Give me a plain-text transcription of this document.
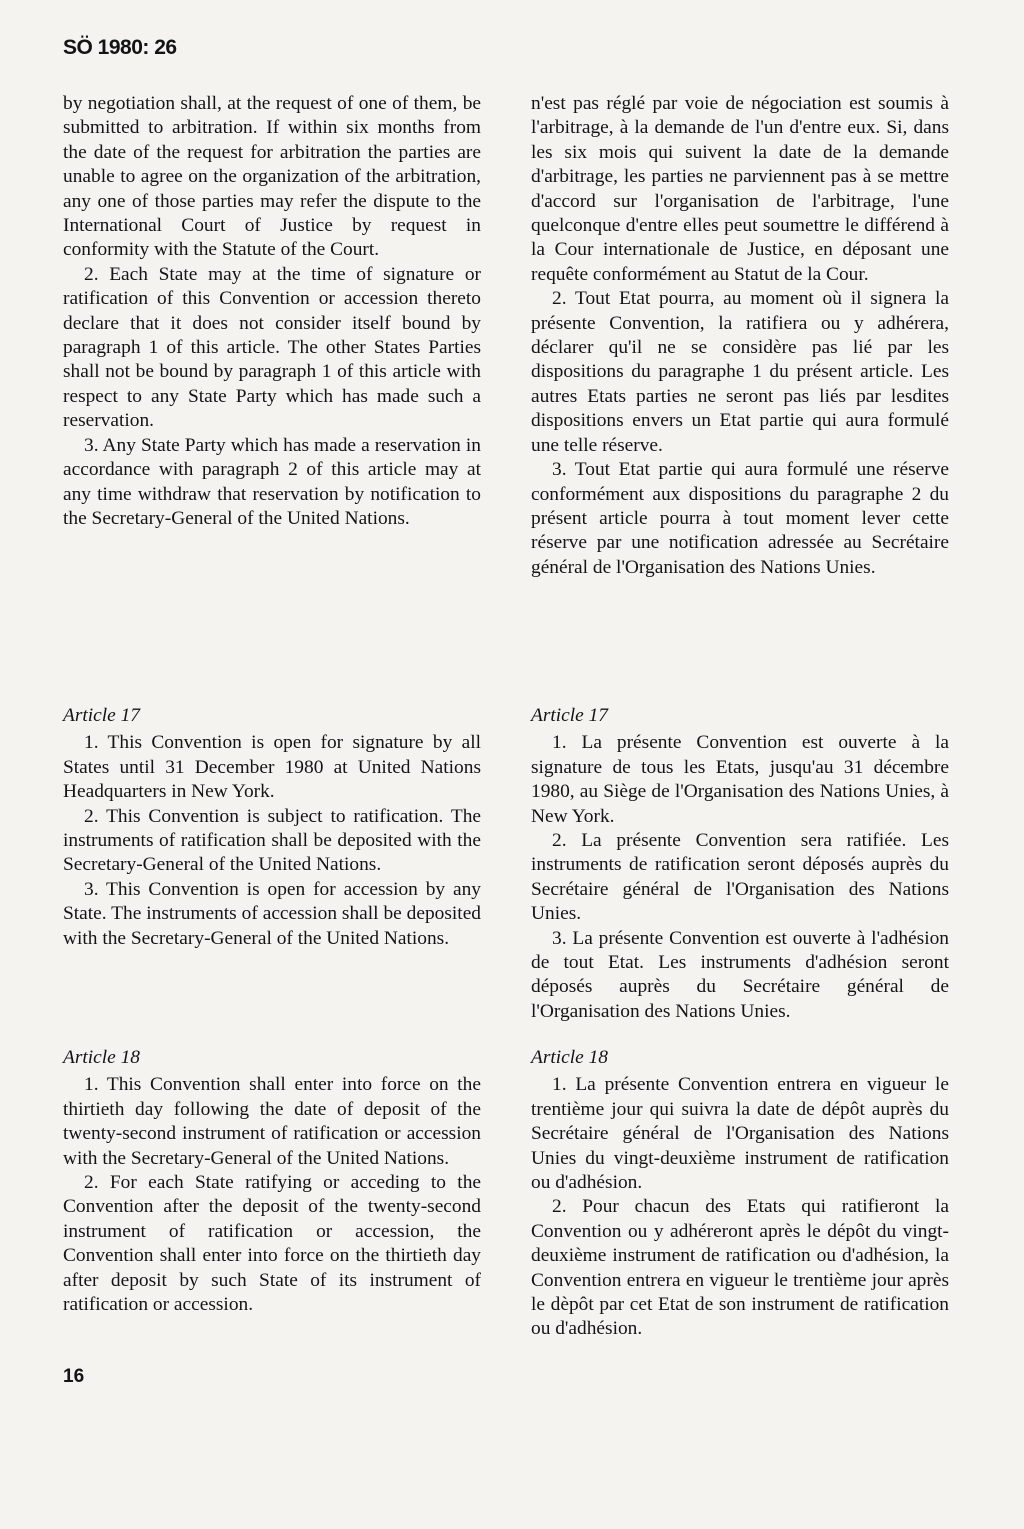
SÖ 1980: 26

by negotiation shall, at the request of one of them, be submitted to arbitration. If within six months from the date of the request for arbitration the parties are unable to agree on the organization of the arbitration, any one of those parties may refer the dispute to the International Court of Justice by request in conformity with the Statute of the Court.

2. Each State may at the time of signature or ratification of this Convention or accession thereto declare that it does not consider itself bound by paragraph 1 of this article. The other States Parties shall not be bound by paragraph 1 of this article with respect to any State Party which has made such a reservation.

3. Any State Party which has made a reservation in accordance with paragraph 2 of this article may at any time withdraw that reservation by notification to the Secretary-General of the United Nations.

Article 17

1. This Convention is open for signature by all States until 31 December 1980 at United Nations Headquarters in New York.

2. This Convention is subject to ratification. The instruments of ratification shall be deposited with the Secretary-General of the United Nations.

3. This Convention is open for accession by any State. The instruments of accession shall be deposited with the Secretary-General of the United Nations.

Article 18

1. This Convention shall enter into force on the thirtieth day following the date of deposit of the twenty-second instrument of ratification or accession with the Secretary-General of the United Nations.

2. For each State ratifying or acceding to the Convention after the deposit of the twenty-second instrument of ratification or accession, the Convention shall enter into force on the thirtieth day after deposit by such State of its instrument of ratification or accession.

n'est pas réglé par voie de négociation est soumis à l'arbitrage, à la demande de l'un d'entre eux. Si, dans les six mois qui suivent la date de la demande d'arbitrage, les parties ne parviennent pas à se mettre d'accord sur l'organisation de l'arbitrage, l'une quelconque d'entre elles peut soumettre le différend à la Cour internationale de Justice, en déposant une requête conformément au Statut de la Cour.

2. Tout Etat pourra, au moment où il signera la présente Convention, la ratifiera ou y adhérera, déclarer qu'il ne se considère pas lié par les dispositions du paragraphe 1 du présent article. Les autres Etats parties ne seront pas liés par lesdites dispositions envers un Etat partie qui aura formulé une telle réserve.

3. Tout Etat partie qui aura formulé une réserve conformément aux dispositions du paragraphe 2 du présent article pourra à tout moment lever cette réserve par une notification adressée au Secrétaire général de l'Organisation des Nations Unies.

Article 17

1. La présente Convention est ouverte à la signature de tous les Etats, jusqu'au 31 décembre 1980, au Siège de l'Organisation des Nations Unies, à New York.

2. La présente Convention sera ratifiée. Les instruments de ratification seront déposés auprès du Secrétaire général de l'Organisation des Nations Unies.

3. La présente Convention est ouverte à l'adhésion de tout Etat. Les instruments d'adhésion seront déposés auprès du Secrétaire général de l'Organisation des Nations Unies.

Article 18

1. La présente Convention entrera en vigueur le trentième jour qui suivra la date de dépôt auprès du Secrétaire général de l'Organisation des Nations Unies du vingt-deuxième instrument de ratification ou d'adhésion.

2. Pour chacun des Etats qui ratifieront la Convention ou y adhéreront après le dépôt du vingt-deuxième instrument de ratification ou d'adhésion, la Convention entrera en vigueur le trentième jour après le dèpôt par cet Etat de son instrument de ratification ou d'adhésion.

16
